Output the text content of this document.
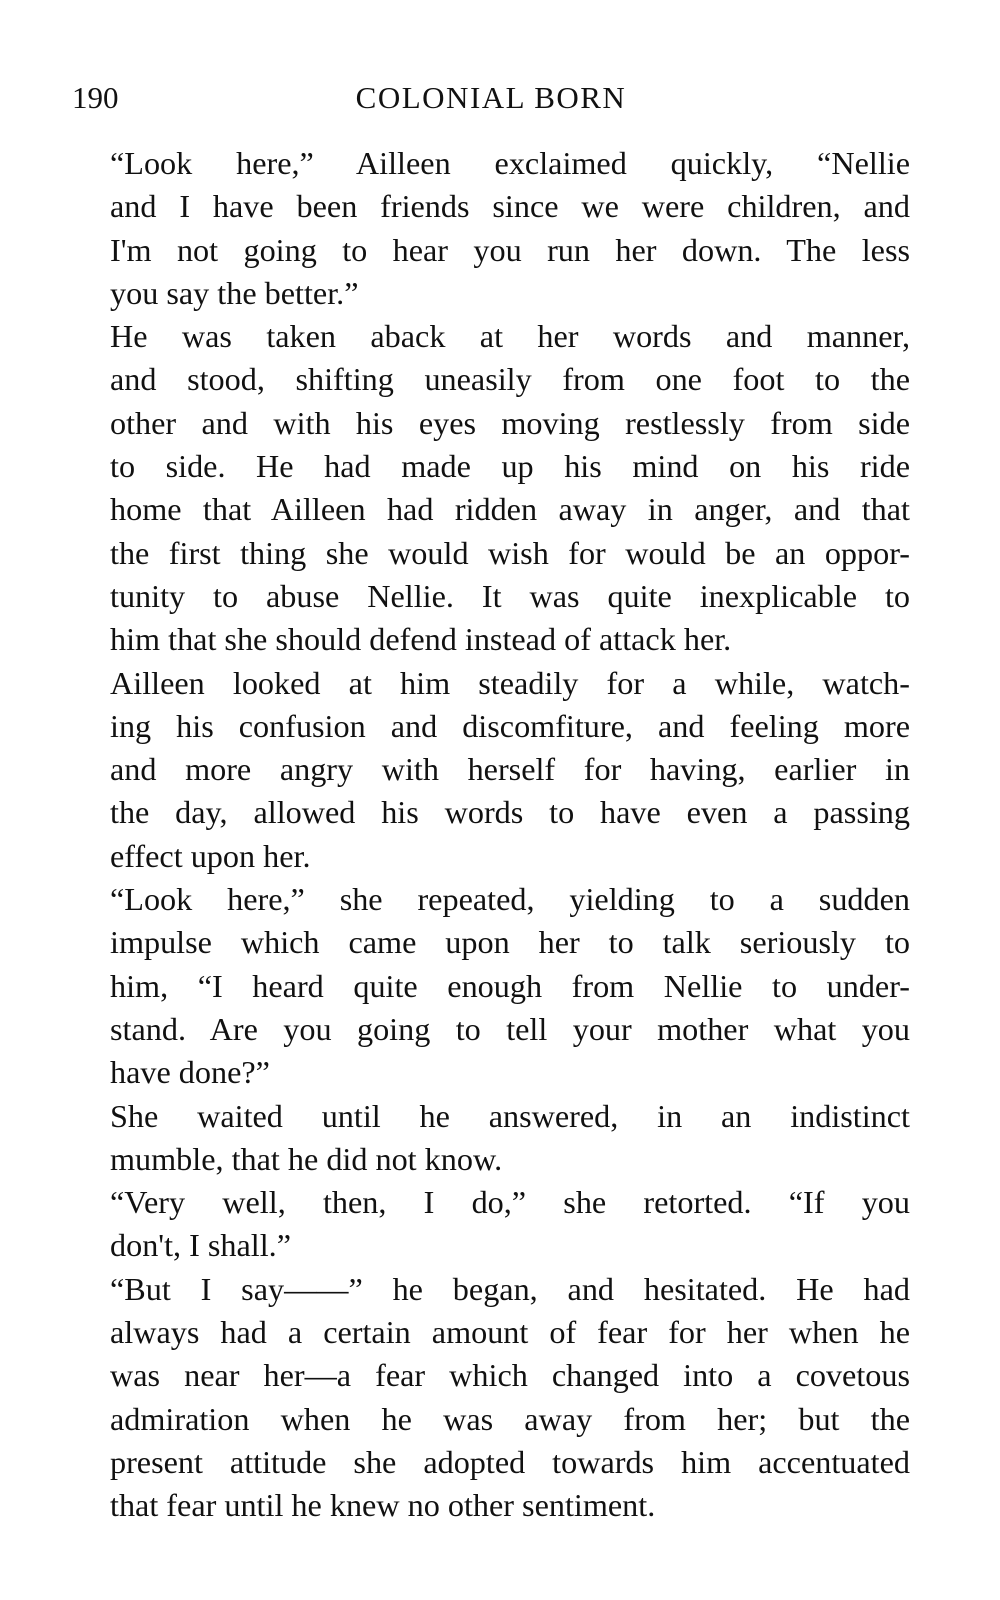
190	COLONIAL BORN

“Look here,” Ailleen exclaimed quickly, “Nellie
and I have been friends since we were children, and
I'm not going to hear you run her down. The less
you say the better.”

He was taken aback at her words and manner,
and stood, shifting uneasily from one foot to the
other and with his eyes moving restlessly from side
to side. He had made up his mind on his ride
home that Ailleen had ridden away in anger, and that
the first thing she would wish for would be an oppor-
tunity to abuse Nellie. It was quite inexplicable to
him that she should defend instead of attack her.

Ailleen looked at him steadily for a while, watch-
ing his confusion and discomfiture, and feeling more
and more angry with herself for having, earlier in
the day, allowed his words to have even a passing
effect upon her.

“Look here,” she repeated, yielding to a sudden
impulse which came upon her to talk seriously to
him, “I heard quite enough from Nellie to under-
stand. Are you going to tell your mother what you
have done?”

She waited until he answered, in an indistinct
mumble, that he did not know.

“Very well, then, I do,” she retorted. “If you
don't, I shall.”

“But I say——” he began, and hesitated. He had
always had a certain amount of fear for her when he
was near her—a fear which changed into a covetous
admiration when he was away from her; but the
present attitude she adopted towards him accentuated
that fear until he knew no other sentiment.
